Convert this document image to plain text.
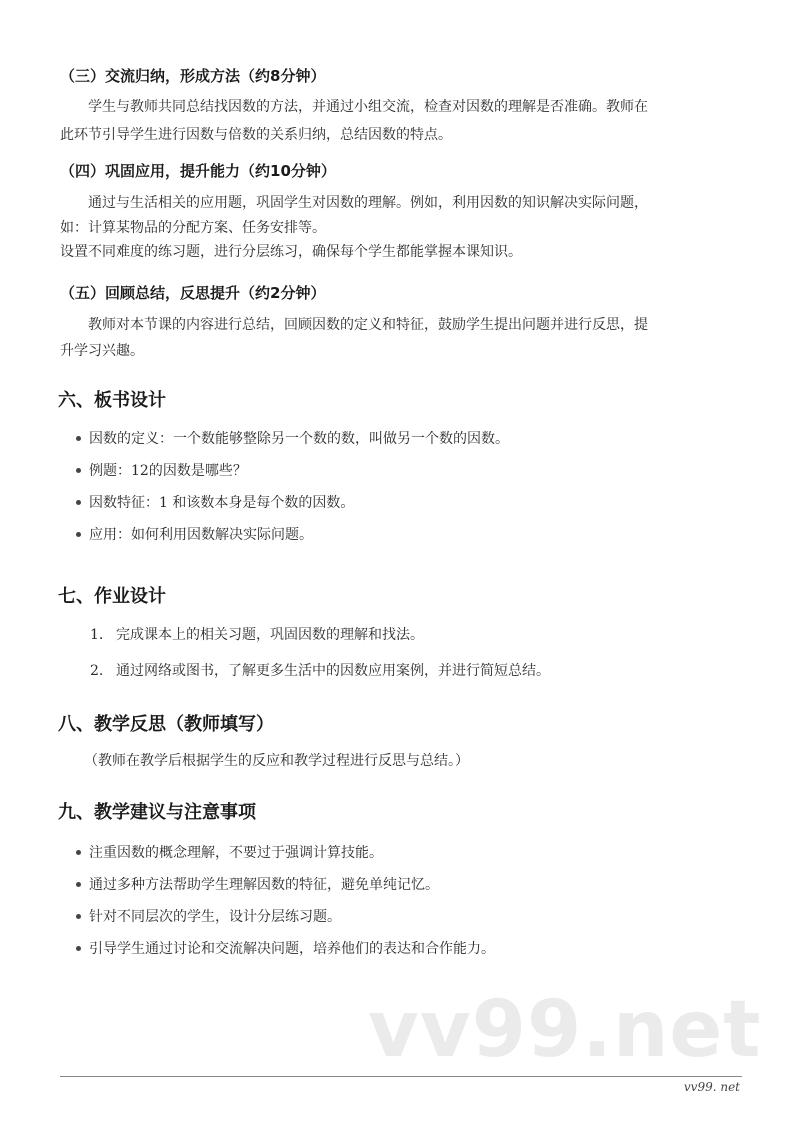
（三）交流归纳，形成方法（约8分钟）
学生与教师共同总结找因数的方法，并通过小组交流，检查对因数的理解是否准确。教师在
此环节引导学生进行因数与倍数的关系归纳，总结因数的特点。
（四）巩固应用，提升能力（约10分钟）
通过与生活相关的应用题，巩固学生对因数的理解。例如，利用因数的知识解决实际问题，
如：计算某物品的分配方案、任务安排等。
设置不同难度的练习题，进行分层练习，确保每个学生都能掌握本课知识。
（五）回顾总结，反思提升（约2分钟）
教师对本节课的内容进行总结，回顾因数的定义和特征，鼓励学生提出问题并进行反思，提
升学习兴趣。
六、板书设计
因数的定义：一个数能够整除另一个数的数，叫做另一个数的因数。
例题：12的因数是哪些？
因数特征：1 和该数本身是每个数的因数。
应用：如何利用因数解决实际问题。
七、作业设计
1. 完成课本上的相关习题，巩固因数的理解和找法。
2. 通过网络或图书，了解更多生活中的因数应用案例，并进行简短总结。
八、教学反思（教师填写）
（教师在教学后根据学生的反应和教学过程进行反思与总结。）
九、教学建议与注意事项
注重因数的概念理解，不要过于强调计算技能。
通过多种方法帮助学生理解因数的特征，避免单纯记忆。
针对不同层次的学生，设计分层练习题。
引导学生通过讨论和交流解决问题，培养他们的表达和合作能力。
vv99.net
vv99. net
